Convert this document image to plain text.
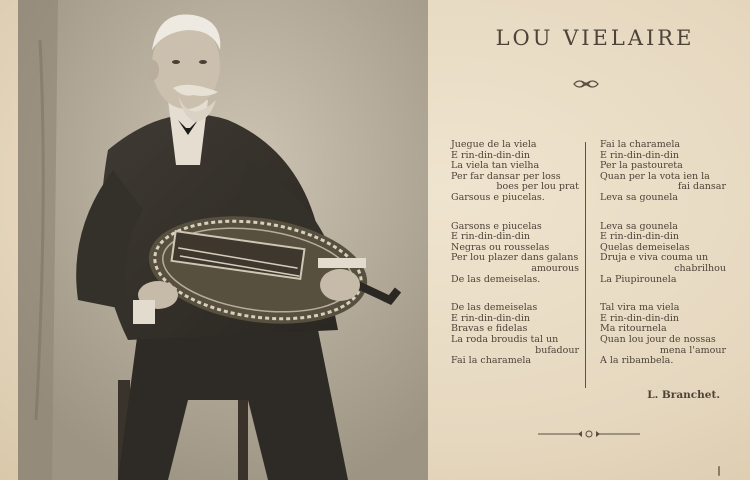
LOU VIELAIRE
Juegue de la viela
E rin-din-din-din
La viela tan vielha
Per far dansar per loss
boes per lou prat
Garsous e piucelas.
Garsons e piucelas
E rin-din-din-din
Negras ou rousselas
Per lou plazer dans galans
amourous
De las demeiselas.
De las demeiselas
E rin-din-din-din
Bravas e fidelas
La roda broudis tal un
bufadour
Fai la charamela
Fai la charamela
E rin-din-din-din
Per la pastoureta
Quan per la vota ien la
fai dansar
Leva sa gounela
Leva sa gounela
E rin-din-din-din
Quelas demeiselas
Druja e viva couma un
chabrilhou
La Piupirounela
Tal vira ma viela
E rin-din-din-din
Ma ritournela
Quan lou jour de nossas
mena l'amour
A la ribambela.
L. Branchet.
